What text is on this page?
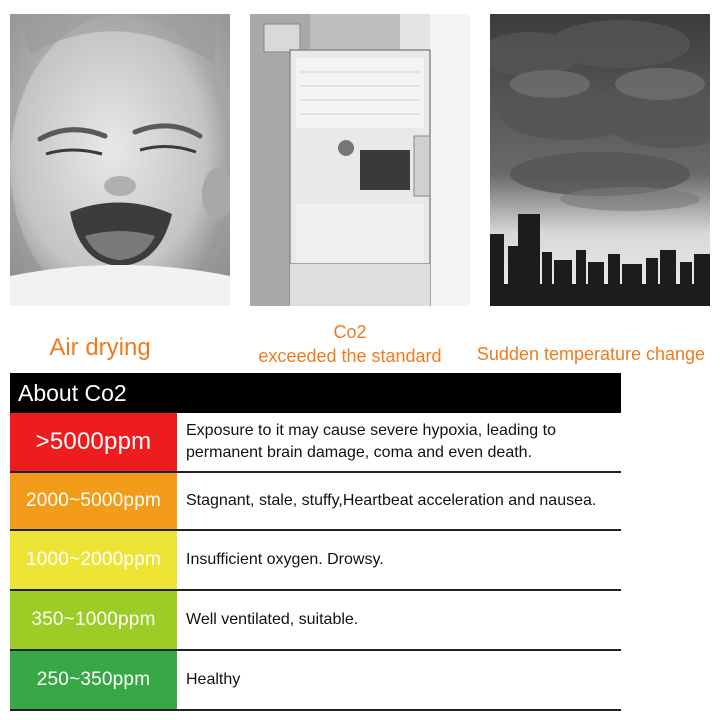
Air drying
Co2
exceeded the standard	Sudden temperature change
About Co2
>5000ppm Exposure to it may cause severe hypoxia, leading to permanent brain damage, coma and even death.
2000~5000ppm Stagnant, stale, stuffy,Heartbeat acceleration and nausea.
1000~2000ppm Insufficient oxygen. Drowsy.
350~1000ppm Well ventilated, suitable.
250~350ppm Healthy
